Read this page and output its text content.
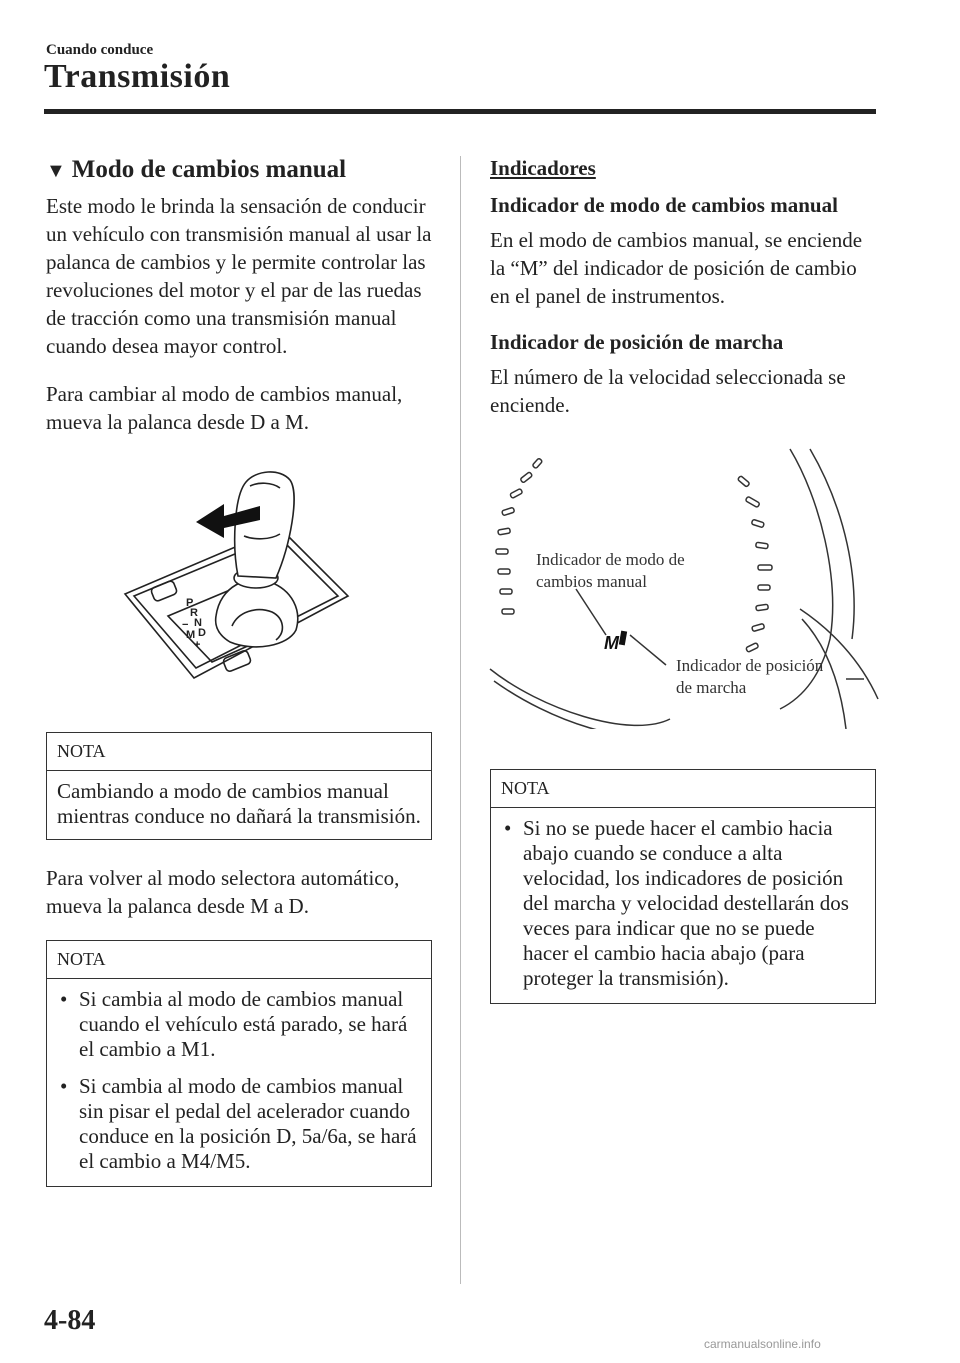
Cuando conduce
Transmisión
▼ Modo de cambios manual

Este modo le brinda la sensación de conducir un vehículo con transmisión manual al usar la palanca de cambios y le permite controlar las revoluciones del motor y el par de las ruedas de tracción como una transmisión manual cuando desea mayor control.

Para cambiar al modo de cambios manual, mueva la palanca desde D a M.

P
R
N
D
M
+
−
NOTA
Cambiando a modo de cambios manual mientras conduce no dañará la transmisión.

Para volver al modo selectora automático, mueva la palanca desde M a D.

NOTA
• Si cambia al modo de cambios manual cuando el vehículo está parado, se hará el cambio a M1.
• Si cambia al modo de cambios manual sin pisar el pedal del acelerador cuando conduce en la posición D, 5a/6a, se hará el cambio a M4/M5.
Indicadores
Indicador de modo de cambios manual

En el modo de cambios manual, se enciende la “M” del indicador de posición de cambio en el panel de instrumentos.

Indicador de posición de marcha

El número de la velocidad seleccionada se enciende.

M
Indicador de modo de
cambios manual
Indicador de posición
de marcha
NOTA
• Si no se puede hacer el cambio hacia abajo cuando se conduce a alta velocidad, los indicadores de posición del marcha y velocidad destellarán dos veces para indicar que no se puede hacer el cambio hacia abajo (para proteger la transmisión).
4-84
carmanualsonline.info
